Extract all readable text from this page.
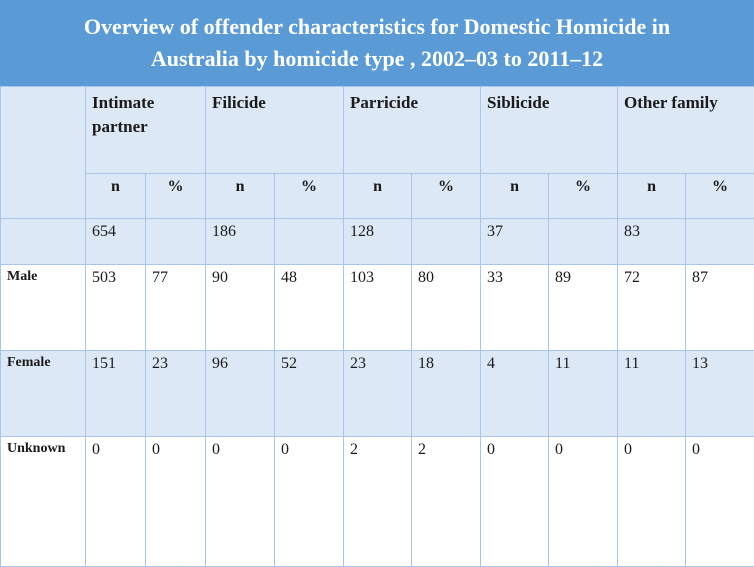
Overview of offender characteristics for Domestic Homicide in
Australia by homicide type , 2002–03 to 2011–12

	Intimate
partner		Filicide		Parricide		Siblicide		Other family	

	n	%	n	%	n	%	n	%	n	%
	654		186		128		37		83	
Male	503	77	90	48	103	80	33	89	72	87
Female	151	23	96	52	23	18	4	11	11	13
Unknown	0	0	0	0	2	2	0	0	0	0
